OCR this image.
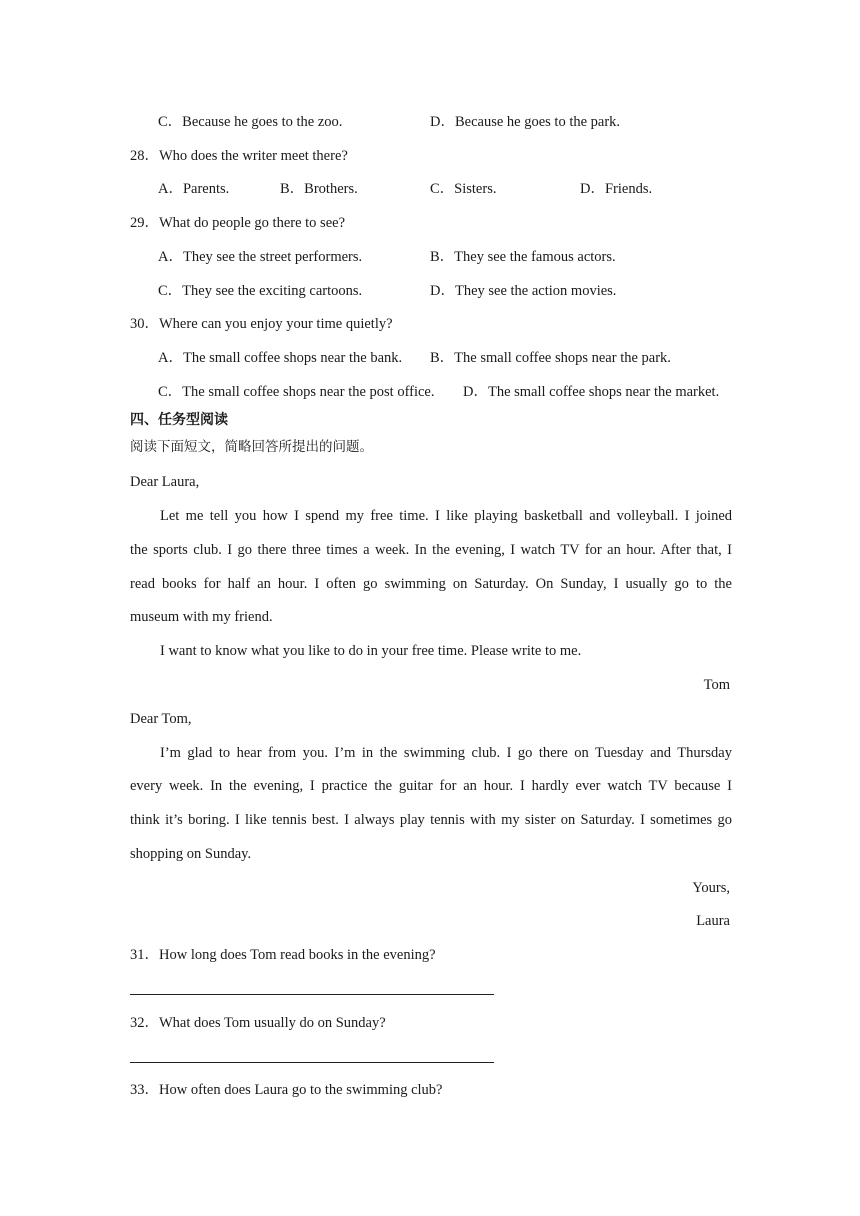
C．Because he goes to the zoo.	D．Because he goes to the park.
28．Who does the writer meet there?
A．Parents.	B．Brothers.	C．Sisters.	D．Friends.
29．What do people go there to see?
A．They see the street performers.	B．They see the famous actors.
C．They see the exciting cartoons.	D．They see the action movies.
30．Where can you enjoy your time quietly?
A．The small coffee shops near the bank. B．The small coffee shops near the park.
C．The small coffee shops near the post office. D．The small coffee shops near the market.
四、任务型阅读
阅读下面短文，简略回答所提出的问题。
Dear Laura,
Let me tell you how I spend my free time. I like playing basketball and volleyball. I joined
the sports club. I go there three times a week. In the evening, I watch TV for an hour. After that, I
read books for half an hour. I often go swimming on Saturday. On Sunday, I usually go to the
museum with my friend.
I want to know what you like to do in your free time. Please write to me.
Tom
Dear Tom,
I’m glad to hear from you. I’m in the swimming club. I go there on Tuesday and Thursday
every week. In the evening, I practice the guitar for an hour. I hardly ever watch TV because I
think it’s boring. I like tennis best. I always play tennis with my sister on Saturday. I sometimes go
shopping on Sunday.
Yours,
Laura
31．How long does Tom read books in the evening?
32．What does Tom usually do on Sunday?
33．How often does Laura go to the swimming club?
